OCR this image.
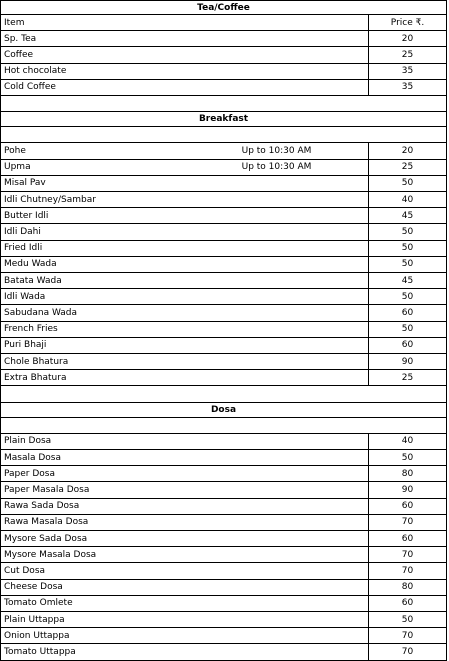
Tea/Coffee
Item	Price ₹.
Sp. Tea	20
Coffee	25
Hot chocolate	35
Cold Coffee	35
Breakfast
Pohe	Up to 10:30 AM	20
Upma	Up to 10:30 AM	25
Misal Pav	50
Idli Chutney/Sambar	40
Butter Idli	45
Idli Dahi	50
Fried Idli	50
Medu Wada	50
Batata Wada	45
Idli Wada	50
Sabudana Wada	60
French Fries	50
Puri Bhaji	60
Chole Bhatura	90
Extra Bhatura	25
Dosa
Plain Dosa	40
Masala Dosa	50
Paper Dosa	80
Paper Masala Dosa	90
Rawa Sada Dosa	60
Rawa Masala Dosa	70
Mysore Sada Dosa	60
Mysore Masala Dosa	70
Cut Dosa	70
Cheese Dosa	80
Tomato Omlete	60
Plain Uttappa	50
Onion Uttappa	70
Tomato Uttappa	70
